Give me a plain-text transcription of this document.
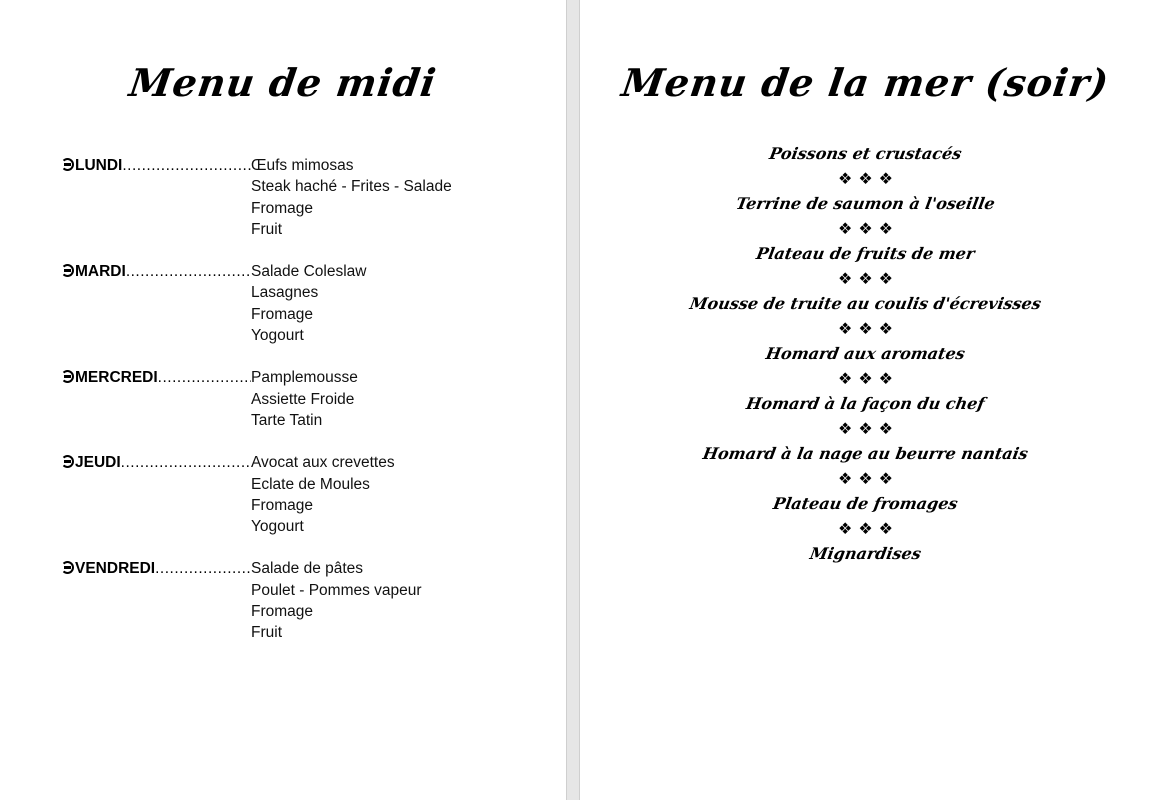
Menu de midi
LUNDI .....	Œufs mimosas
Steak haché - Frites - Salade
Fromage
Fruit
MARDI .....	Salade Coleslaw
Lasagnes
Fromage
Yogourt
MERCREDI .....	Pamplemousse
Assiette Froide
Tarte Tatin
JEUDI .....	Avocat aux crevettes
Eclate de Moules
Fromage
Yogourt
VENDREDI .....	Salade de pâtes
Poulet - Pommes vapeur
Fromage
Fruit
Menu de la mer (soir)
Poissons et crustacés
❖ ❖ ❖
Terrine de saumon à l'oseille
❖ ❖ ❖
Plateau de fruits de mer
❖ ❖ ❖
Mousse de truite au coulis d'écrevisses
❖ ❖ ❖
Homard aux aromates
❖ ❖ ❖
Homard à la façon du chef
❖ ❖ ❖
Homard à la nage au beurre nantais
❖ ❖ ❖
Plateau de fromages
❖ ❖ ❖
Mignardises
